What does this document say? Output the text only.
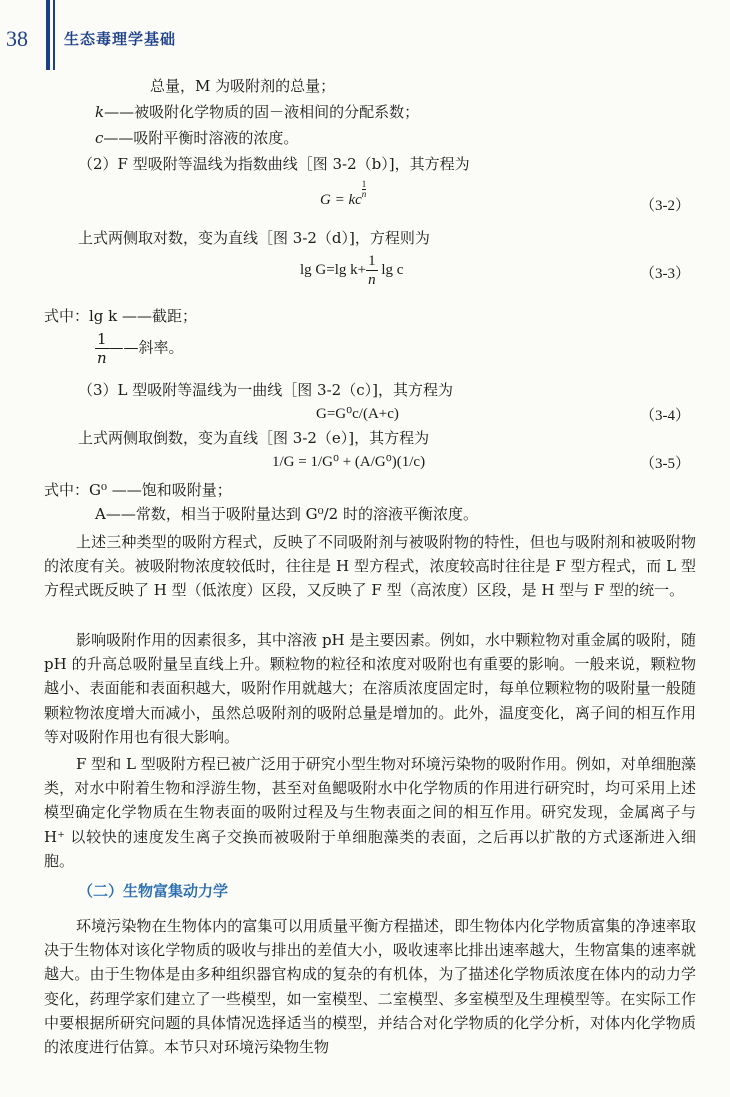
38 生态毒理学基础
总量，M 为吸附剂的总量；
k——被吸附化学物质的固－液相间的分配系数；
c——吸附平衡时溶液的浓度。
（2）F 型吸附等温线为指数曲线［图 3-2（b）]，其方程为
G = kc
$\frac{1}{n}$
（3-2）
上式两侧取对数，变为直线［图 3-2（d）]，方程则为
lg G=lg $k+ \frac{1}{n}$ lg c	（3-3）
式中：lg k ——截距；
$\frac{1}{n}$ ——斜率。
（3）L 型吸附等温线为一曲线［图 3-2（c）]，其方程为
G=G⁰c/(A+c)	（3-4）
上式两侧取倒数，变为直线［图 3-2（e）]，其方程为
1/G = 1/G⁰ + (A/G⁰)(1/c)	（3-5）
式中：G⁰ ——饱和吸附量；
A——常数，相当于吸附量达到 G⁰/2 时的溶液平衡浓度。
上述三种类型的吸附方程式，反映了不同吸附剂与被吸附物的特性，但也与吸附剂和被吸附物的浓度有关。被吸附物浓度较低时，往往是 H 型方程式，浓度较高时往往是 F 型方程式，而 L 型方程式既反映了 H 型（低浓度）区段，又反映了 F 型（高浓度）区段，是 H 型与 F 型的统一。
影响吸附作用的因素很多，其中溶液 pH 是主要因素。例如，水中颗粒物对重金属的吸附，随 pH 的升高总吸附量呈直线上升。颗粒物的粒径和浓度对吸附也有重要的影响。一般来说，颗粒物越小、表面能和表面积越大，吸附作用就越大；在溶质浓度固定时，每单位颗粒物的吸附量一般随颗粒物浓度增大而减小，虽然总吸附剂的吸附总量是增加的。此外，温度变化，离子间的相互作用等对吸附作用也有很大影响。
F 型和 L 型吸附方程已被广泛用于研究小型生物对环境污染物的吸附作用。例如，对单细胞藻类，对水中附着生物和浮游生物，甚至对鱼鳃吸附水中化学物质的作用进行研究时，均可采用上述模型确定化学物质在生物表面的吸附过程及与生物表面之间的相互作用。研究发现，金属离子与 H⁺ 以较快的速度发生离子交换而被吸附于单细胞藻类的表面，之后再以扩散的方式逐渐进入细胞。
（二）生物富集动力学
环境污染物在生物体内的富集可以用质量平衡方程描述，即生物体内化学物质富集的净速率取决于生物体对该化学物质的吸收与排出的差值大小，吸收速率比排出速率越大，生物富集的速率就越大。由于生物体是由多种组织器官构成的复杂的有机体，为了描述化学物质浓度在体内的动力学变化，药理学家们建立了一些模型，如一室模型、二室模型、多室模型及生理模型等。在实际工作中要根据所研究问题的具体情况选择适当的模型，并结合对化学物质的化学分析，对体内化学物质的浓度进行估算。本节只对环境污染物生物
